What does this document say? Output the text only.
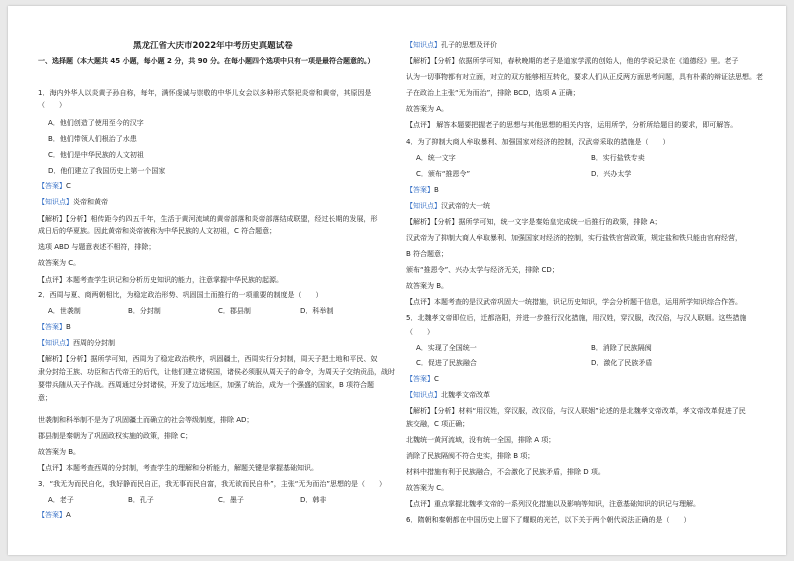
黑龙江省大庆市2022年中考历史真题试卷
一、选择题（本大题共 45 小题，每小题 2 分，共 90 分。在每小题四个选项中只有一项是最符合题意的。）
1．海内外华人以炎黄子孙自称，每年，满怀虔诚与崇敬的中华儿女会以多种形式祭祀炎帝和黄帝，其原因是
（　　）
A．他们创造了使用至今的汉字
B．他们带领人们根治了水患
C．他们是中华民族的人文初祖
D．他们建立了我国历史上第一个国家
【答案】C
【知识点】炎帝和黄帝
【解析】【分析】相传距今约四五千年，生活于黄河流域的黄帝部落和炎帝部落结成联盟，经过长期的发展，形
成日后的华夏族。因此黄帝和炎帝被称为中华民族的人文初祖，C 符合题意；
选项 ABD 与题意表述不相符，排除；
故答案为 C。
【点评】本题考查学生识记和分析历史知识的能力，注意掌握中华民族的起源。
2．西周与夏、商两朝相比，为稳定政治形势、巩固国土而推行的一项重要的制度是（　　）
A．世袭制	B．分封制	C．郡县制	D．科举制
【答案】B
【知识点】西周的分封制
【解析】【分析】据所学可知，西周为了稳定政治秩序，巩固疆土，西周实行分封制，周天子把土地和平民、奴
隶分封给王族、功臣和古代帝王的后代，让他们建立诸侯国，诸侯必须服从周天子的命令，为周天子交纳贡品，战时
要带兵随从天子作战。西周通过分封诸侯，开发了边远地区，加强了统治，成为一个强盛的国家，B 项符合题
意；
世袭制和科举制不是为了巩固疆土而确立的社会等级制度，排除 AD；
郡县制是秦朝为了巩固政权实施的政策，排除 C；
故答案为 B。
【点评】本题考查西周的分封制，考查学生的理解和分析能力，解题关键是掌握基础知识。
3．“我无为而民自化，我好静而民自正，我无事而民自富，我无欲而民自朴”，主张“无为而治”思想的是（　　）
A．老子	B．孔子	C．墨子	D．韩非
【答案】A
【知识点】孔子的思想及评价
【解析】【分析】依据所学可知，春秋晚期的老子是道家学派的创始人，他的学说记录在《道德经》里。老子
认为一切事物都有对立面，对立的双方能够相互转化，要求人们从正反两方面思考问题，具有朴素的辩证法思想。老
子在政治上主张“无为而治”，排除 BCD，选项 A 正确；
故答案为 A。
【点评】 解答本题要把握老子的思想与其他思想的相关内容，运用所学，分析所给题目的要求，即可解答。
4．为了抑制大商人牟取暴利、加强国家对经济的控制，汉武帝采取的措施是（　　）
A．统一文字	B．实行盐铁专卖
C．颁布“推恩令”	D．兴办太学
【答案】B
【知识点】汉武帝的大一统
【解析】【分析】据所学可知，统一文字是秦始皇完成统一后推行的政策，排除 A；
汉武帝为了抑制大商人牟取暴利、加强国家对经济的控制，实行盐铁官营政策，规定盐和铁只能由官府经营，
B 符合题意；
颁布“推恩令”、兴办太学与经济无关，排除 CD；
故答案为 B。
【点评】本题考查的是汉武帝巩固大一统措施，识记历史知识，学会分析题干信息，运用所学知识综合作答。
5．北魏孝文帝即位后，迁都洛阳，并进一步推行汉化措施，用汉姓，穿汉服，改汉俗，与汉人联姻。这些措施
（　　）
A．实现了全国统一	B．消除了民族隔阂
C．促进了民族融合	D．激化了民族矛盾
【答案】C
【知识点】北魏孝文帝改革
【解析】【分析】材料“用汉姓，穿汉服，改汉俗，与汉人联姻”论述的是北魏孝文帝改革，孝文帝改革促进了民
族交融，C 项正确；
北魏统一黄河流域，没有统一全国，排除 A 项；
消除了民族隔阂不符合史实，排除 B 项；
材料中措施有利于民族融合，不会激化了民族矛盾，排除 D 项。
故答案为 C。
【点评】重点掌握北魏孝文帝的一系列汉化措施以及影响等知识，注意基础知识的识记与理解。
6．隋朝和秦朝都在中国历史上留下了耀眼的光芒，以下关于两个朝代说法正确的是（　　）
